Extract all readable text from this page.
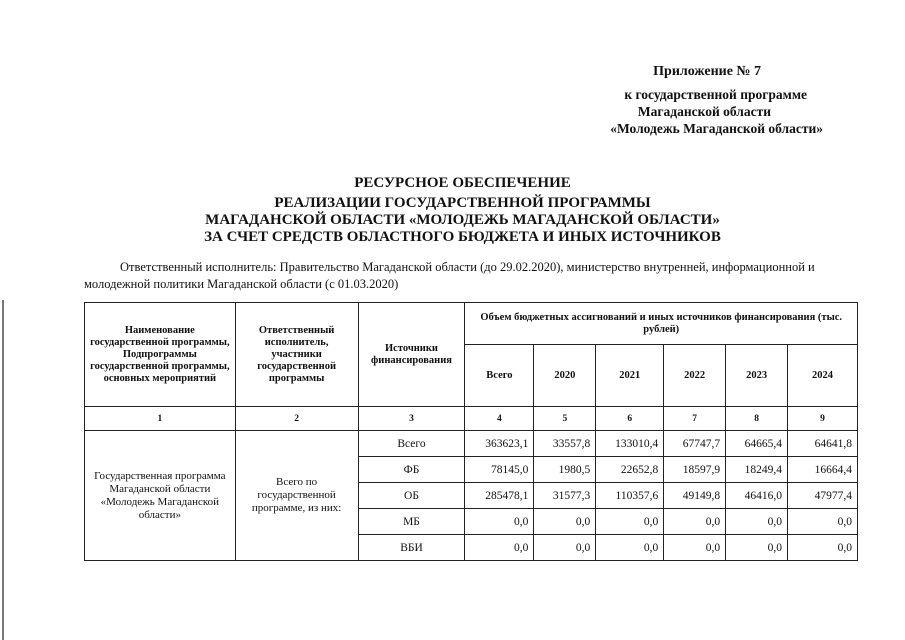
Приложение № 7
к государственной программе
Магаданской области
«Молодежь Магаданской области»
РЕСУРСНОЕ ОБЕСПЕЧЕНИЕ
РЕАЛИЗАЦИИ ГОСУДАРСТВЕННОЙ ПРОГРАММЫ
МАГАДАНСКОЙ ОБЛАСТИ «МОЛОДЕЖЬ МАГАДАНСКОЙ ОБЛАСТИ»
ЗА СЧЕТ СРЕДСТВ ОБЛАСТНОГО БЮДЖЕТА И ИНЫХ ИСТОЧНИКОВ
Ответственный исполнитель: Правительство Магаданской области (до 29.02.2020), министерство внутренней, информационной и молодежной политики Магаданской области (с 01.03.2020)
Наименование государственной программы, Подпрограммы государственной программы, основных мероприятий	Ответственный исполнитель, участники государственной программы	Источники финансирования	Объем бюджетных ассигнований и иных источников финансирования (тыс. рублей)					
			Всего	2020	2021	2022	2023	2024
1	2	3	4	5	6	7	8	9
Государственная программа Магаданской области «Молодежь Магаданской области»	Всего по государственной программе, из них:	Всего	363623,1	33557,8	133010,4	67747,7	64665,4	64641,8
		ФБ	78145,0	1980,5	22652,8	18597,9	18249,4	16664,4
		ОБ	285478,1	31577,3	110357,6	49149,8	46416,0	47977,4
		МБ	0,0	0,0	0,0	0,0	0,0	0,0
		ВБИ	0,0	0,0	0,0	0,0	0,0	0,0
